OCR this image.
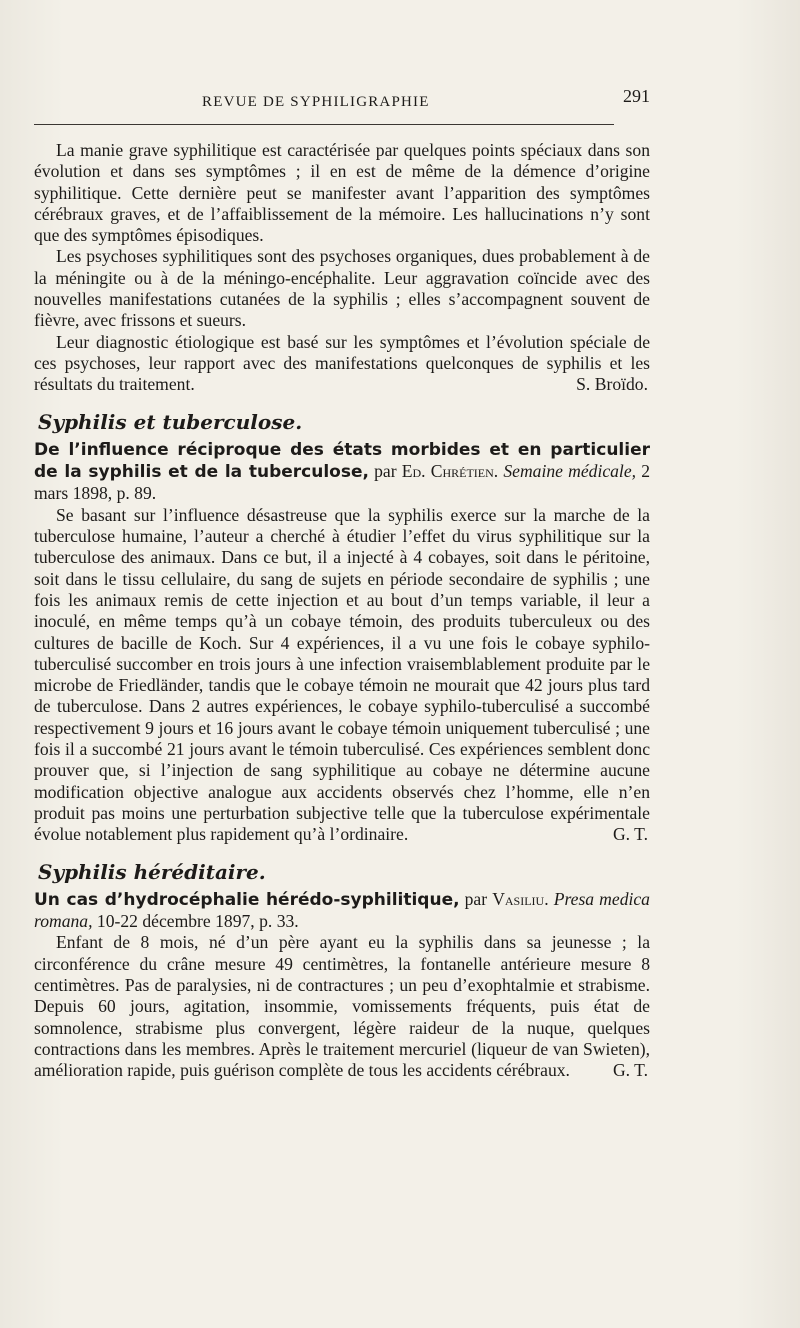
REVUE DE SYPHILIGRAPHIE	291

La manie grave syphilitique est caractérisée par quelques points spéciaux dans son évolution et dans ses symptômes ; il en est de même de la démence d’origine syphilitique. Cette dernière peut se manifester avant l’apparition des symptômes cérébraux graves, et de l’affaiblissement de la mémoire. Les hallucinations n’y sont que des symptômes épisodiques.

Les psychoses syphilitiques sont des psychoses organiques, dues probablement à de la méningite ou à de la méningo-encéphalite. Leur aggravation coïncide avec des nouvelles manifestations cutanées de la syphilis ; elles s’accompagnent souvent de fièvre, avec frissons et sueurs.

Leur diagnostic étiologique est basé sur les symptômes et l’évolution spéciale de ces psychoses, leur rapport avec des manifestations quelconques de syphilis et les résultats du traitement.	S. Broïdo.

Syphilis et tuberculose.

De l’influence réciproque des états morbides et en particulier de la syphilis et de la tuberculose, par Ed. Chrétien. Semaine médicale, 2 mars 1898, p. 89.

Se basant sur l’influence désastreuse que la syphilis exerce sur la marche de la tuberculose humaine, l’auteur a cherché à étudier l’effet du virus syphilitique sur la tuberculose des animaux. Dans ce but, il a injecté à 4 cobayes, soit dans le péritoine, soit dans le tissu cellulaire, du sang de sujets en période secondaire de syphilis ; une fois les animaux remis de cette injection et au bout d’un temps variable, il leur a inoculé, en même temps qu’à un cobaye témoin, des produits tuberculeux ou des cultures de bacille de Koch. Sur 4 expériences, il a vu une fois le cobaye syphilo-tuberculisé succomber en trois jours à une infection vraisemblablement produite par le microbe de Friedländer, tandis que le cobaye témoin ne mourait que 42 jours plus tard de tuberculose. Dans 2 autres expériences, le cobaye syphilo-tuberculisé a succombé respectivement 9 jours et 16 jours avant le cobaye témoin uniquement tuberculisé ; une fois il a succombé 21 jours avant le témoin tuberculisé. Ces expériences semblent donc prouver que, si l’injection de sang syphilitique au cobaye ne détermine aucune modification objective analogue aux accidents observés chez l’homme, elle n’en produit pas moins une perturbation subjective telle que la tuberculose expérimentale évolue notablement plus rapidement qu’à l’ordinaire.	G. T.

Syphilis héréditaire.

Un cas d’hydrocéphalie hérédo-syphilitique, par Vasiliu. Presa medica romana, 10-22 décembre 1897, p. 33.

Enfant de 8 mois, né d’un père ayant eu la syphilis dans sa jeunesse ; la circonférence du crâne mesure 49 centimètres, la fontanelle antérieure mesure 8 centimètres. Pas de paralysies, ni de contractures ; un peu d’exophtalmie et strabisme. Depuis 60 jours, agitation, insommie, vomissements fréquents, puis état de somnolence, strabisme plus convergent, légère raideur de la nuque, quelques contractions dans les membres. Après le traitement mercuriel (liqueur de van Swieten), amélioration rapide, puis guérison complète de tous les accidents cérébraux.	G. T.
